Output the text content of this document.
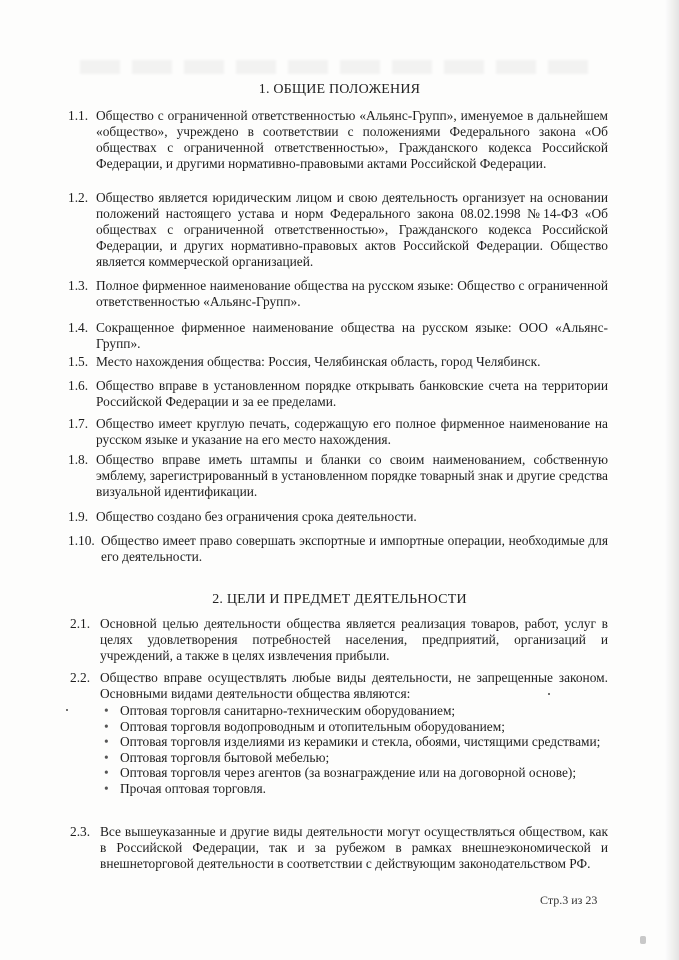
1. ОБЩИЕ ПОЛОЖЕНИЯ
1.1. Общество с ограниченной ответственностью «Альянс-Групп», именуемое в дальнейшем «общество», учреждено в соответствии с положениями Федерального закона «Об обществах с ограниченной ответственностью», Гражданского кодекса Российской Федерации, и другими нормативно-правовыми актами Российской Федерации.
1.2. Общество является юридическим лицом и свою деятельность организует на основании положений настоящего устава и норм Федерального закона 08.02.1998 №14-ФЗ «Об обществах с ограниченной ответственностью», Гражданского кодекса Российской Федерации, и других нормативно-правовых актов Российской Федерации. Общество является коммерческой организацией.
1.3. Полное фирменное наименование общества на русском языке: Общество с ограниченной ответственностью «Альянс-Групп».
1.4. Сокращенное фирменное наименование общества на русском языке: ООО «Альянс-Групп».
1.5. Место нахождения общества: Россия, Челябинская область, город Челябинск.
1.6. Общество вправе в установленном порядке открывать банковские счета на территории Российской Федерации и за ее пределами.
1.7. Общество имеет круглую печать, содержащую его полное фирменное наименование на русском языке и указание на его место нахождения.
1.8. Общество вправе иметь штампы и бланки со своим наименованием, собственную эмблему, зарегистрированный в установленном порядке товарный знак и другие средства визуальной идентификации.
1.9. Общество создано без ограничения срока деятельности.
1.10. Общество имеет право совершать экспортные и импортные операции, необходимые для его деятельности.
2. ЦЕЛИ И ПРЕДМЕТ ДЕЯТЕЛЬНОСТИ
2.1. Основной целью деятельности общества является реализация товаров, работ, услуг в целях удовлетворения потребностей населения, предприятий, организаций и учреждений, а также в целях извлечения прибыли.
2.2. Общество вправе осуществлять любые виды деятельности, не запрещенные законом. Основными видами деятельности общества являются:
• Оптовая торговля санитарно-техническим оборудованием;
• Оптовая торговля водопроводным и отопительным оборудованием;
• Оптовая торговля изделиями из керамики и стекла, обоями, чистящими средствами;
• Оптовая торговля бытовой мебелью;
• Оптовая торговля через агентов (за вознаграждение или на договорной основе);
• Прочая оптовая торговля.
2.3. Все вышеуказанные и другие виды деятельности могут осуществляться обществом, как в Российской Федерации, так и за рубежом в рамках внешнеэкономической и внешнеторговой деятельности в соответствии с действующим законодательством РФ.
Стр.3 из 23
